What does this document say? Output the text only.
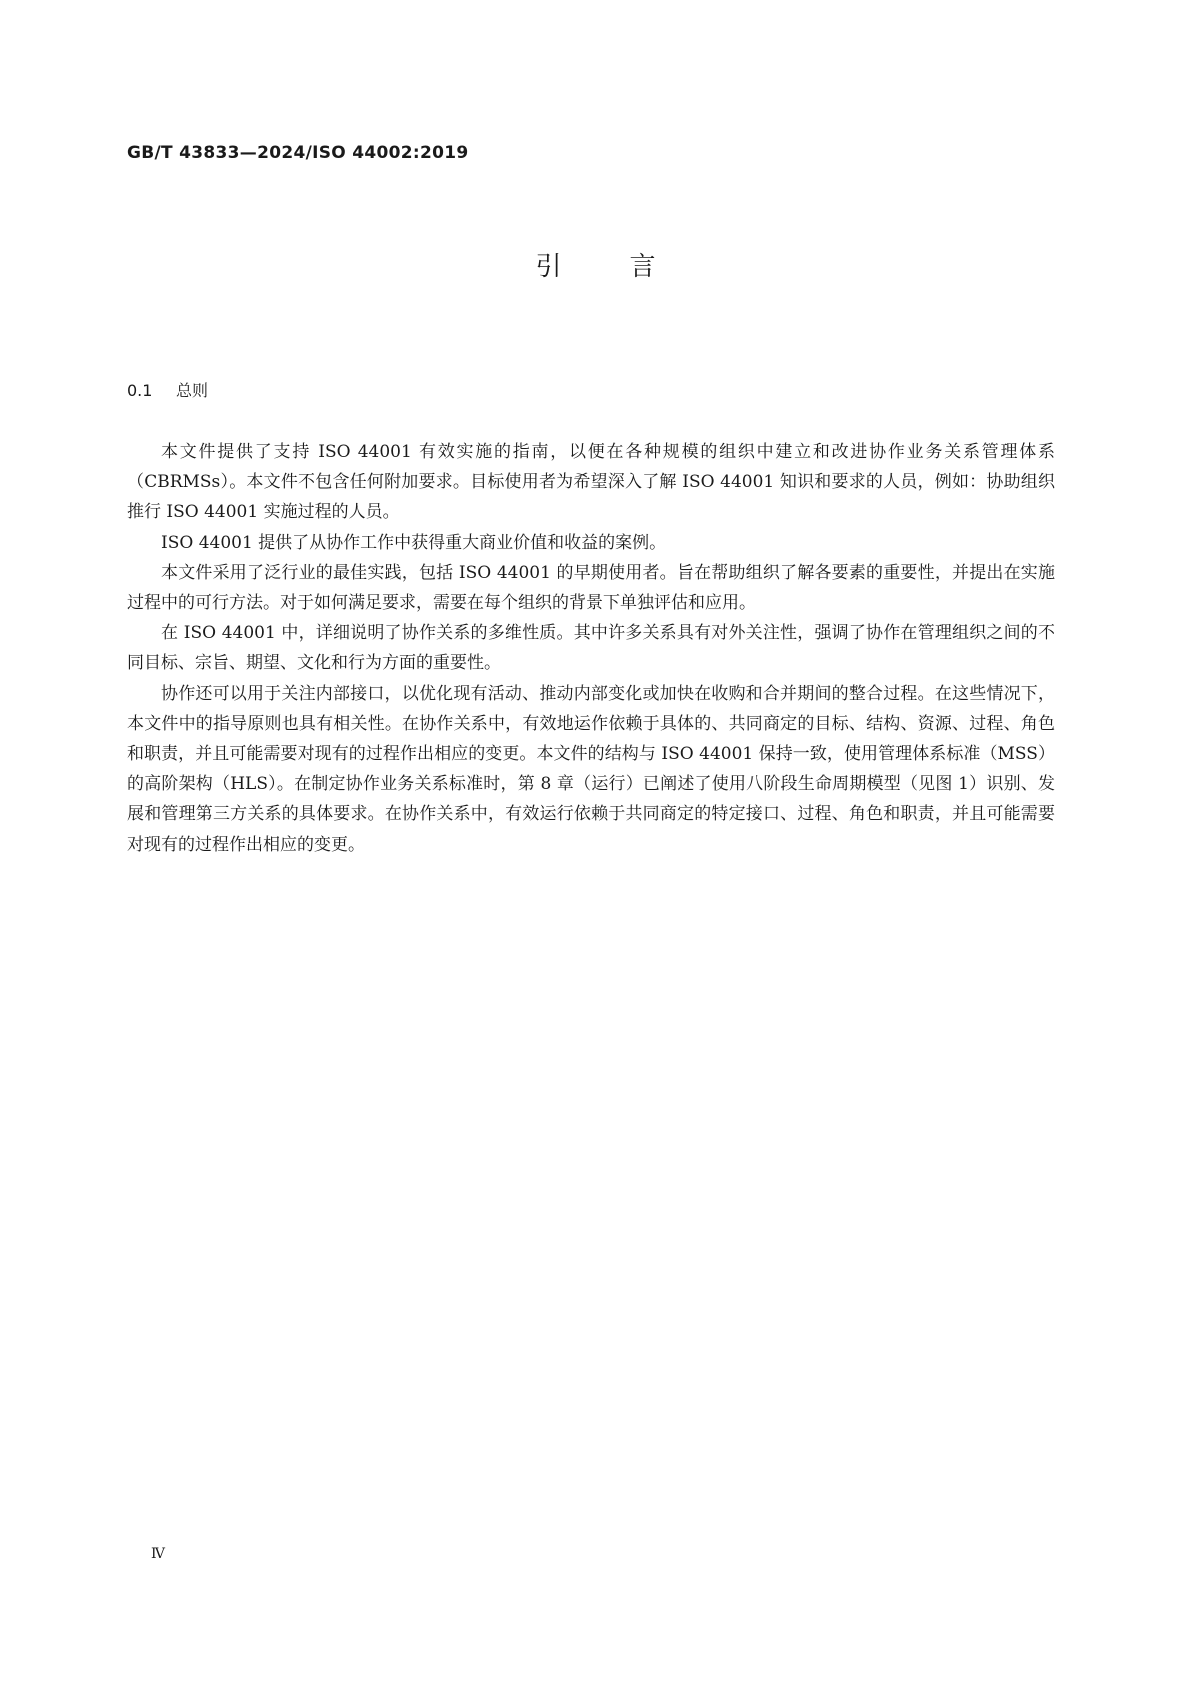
GB/T 43833—2024/ISO 44002:2019
引言
0.1 总则

本文件提供了支持 ISO 44001 有效实施的指南，以便在各种规模的组织中建立和改进协作业务关系管理体系（CBRMSs）。本文件不包含任何附加要求。目标使用者为希望深入了解 ISO 44001 知识和要求的人员，例如：协助组织推行 ISO 44001 实施过程的人员。

ISO 44001 提供了从协作工作中获得重大商业价值和收益的案例。

本文件采用了泛行业的最佳实践，包括 ISO 44001 的早期使用者。旨在帮助组织了解各要素的重要性，并提出在实施过程中的可行方法。对于如何满足要求，需要在每个组织的背景下单独评估和应用。

在 ISO 44001 中，详细说明了协作关系的多维性质。其中许多关系具有对外关注性，强调了协作在管理组织之间的不同目标、宗旨、期望、文化和行为方面的重要性。

协作还可以用于关注内部接口，以优化现有活动、推动内部变化或加快在收购和合并期间的整合过程。在这些情况下，本文件中的指导原则也具有相关性。在协作关系中，有效地运作依赖于具体的、共同商定的目标、结构、资源、过程、角色和职责，并且可能需要对现有的过程作出相应的变更。本文件的结构与 ISO 44001 保持一致，使用管理体系标准（MSS）的高阶架构（HLS）。在制定协作业务关系标准时，第 8 章（运行）已阐述了使用八阶段生命周期模型（见图 1）识别、发展和管理第三方关系的具体要求。在协作关系中，有效运行依赖于共同商定的特定接口、过程、角色和职责，并且可能需要对现有的过程作出相应的变更。

Ⅳ
